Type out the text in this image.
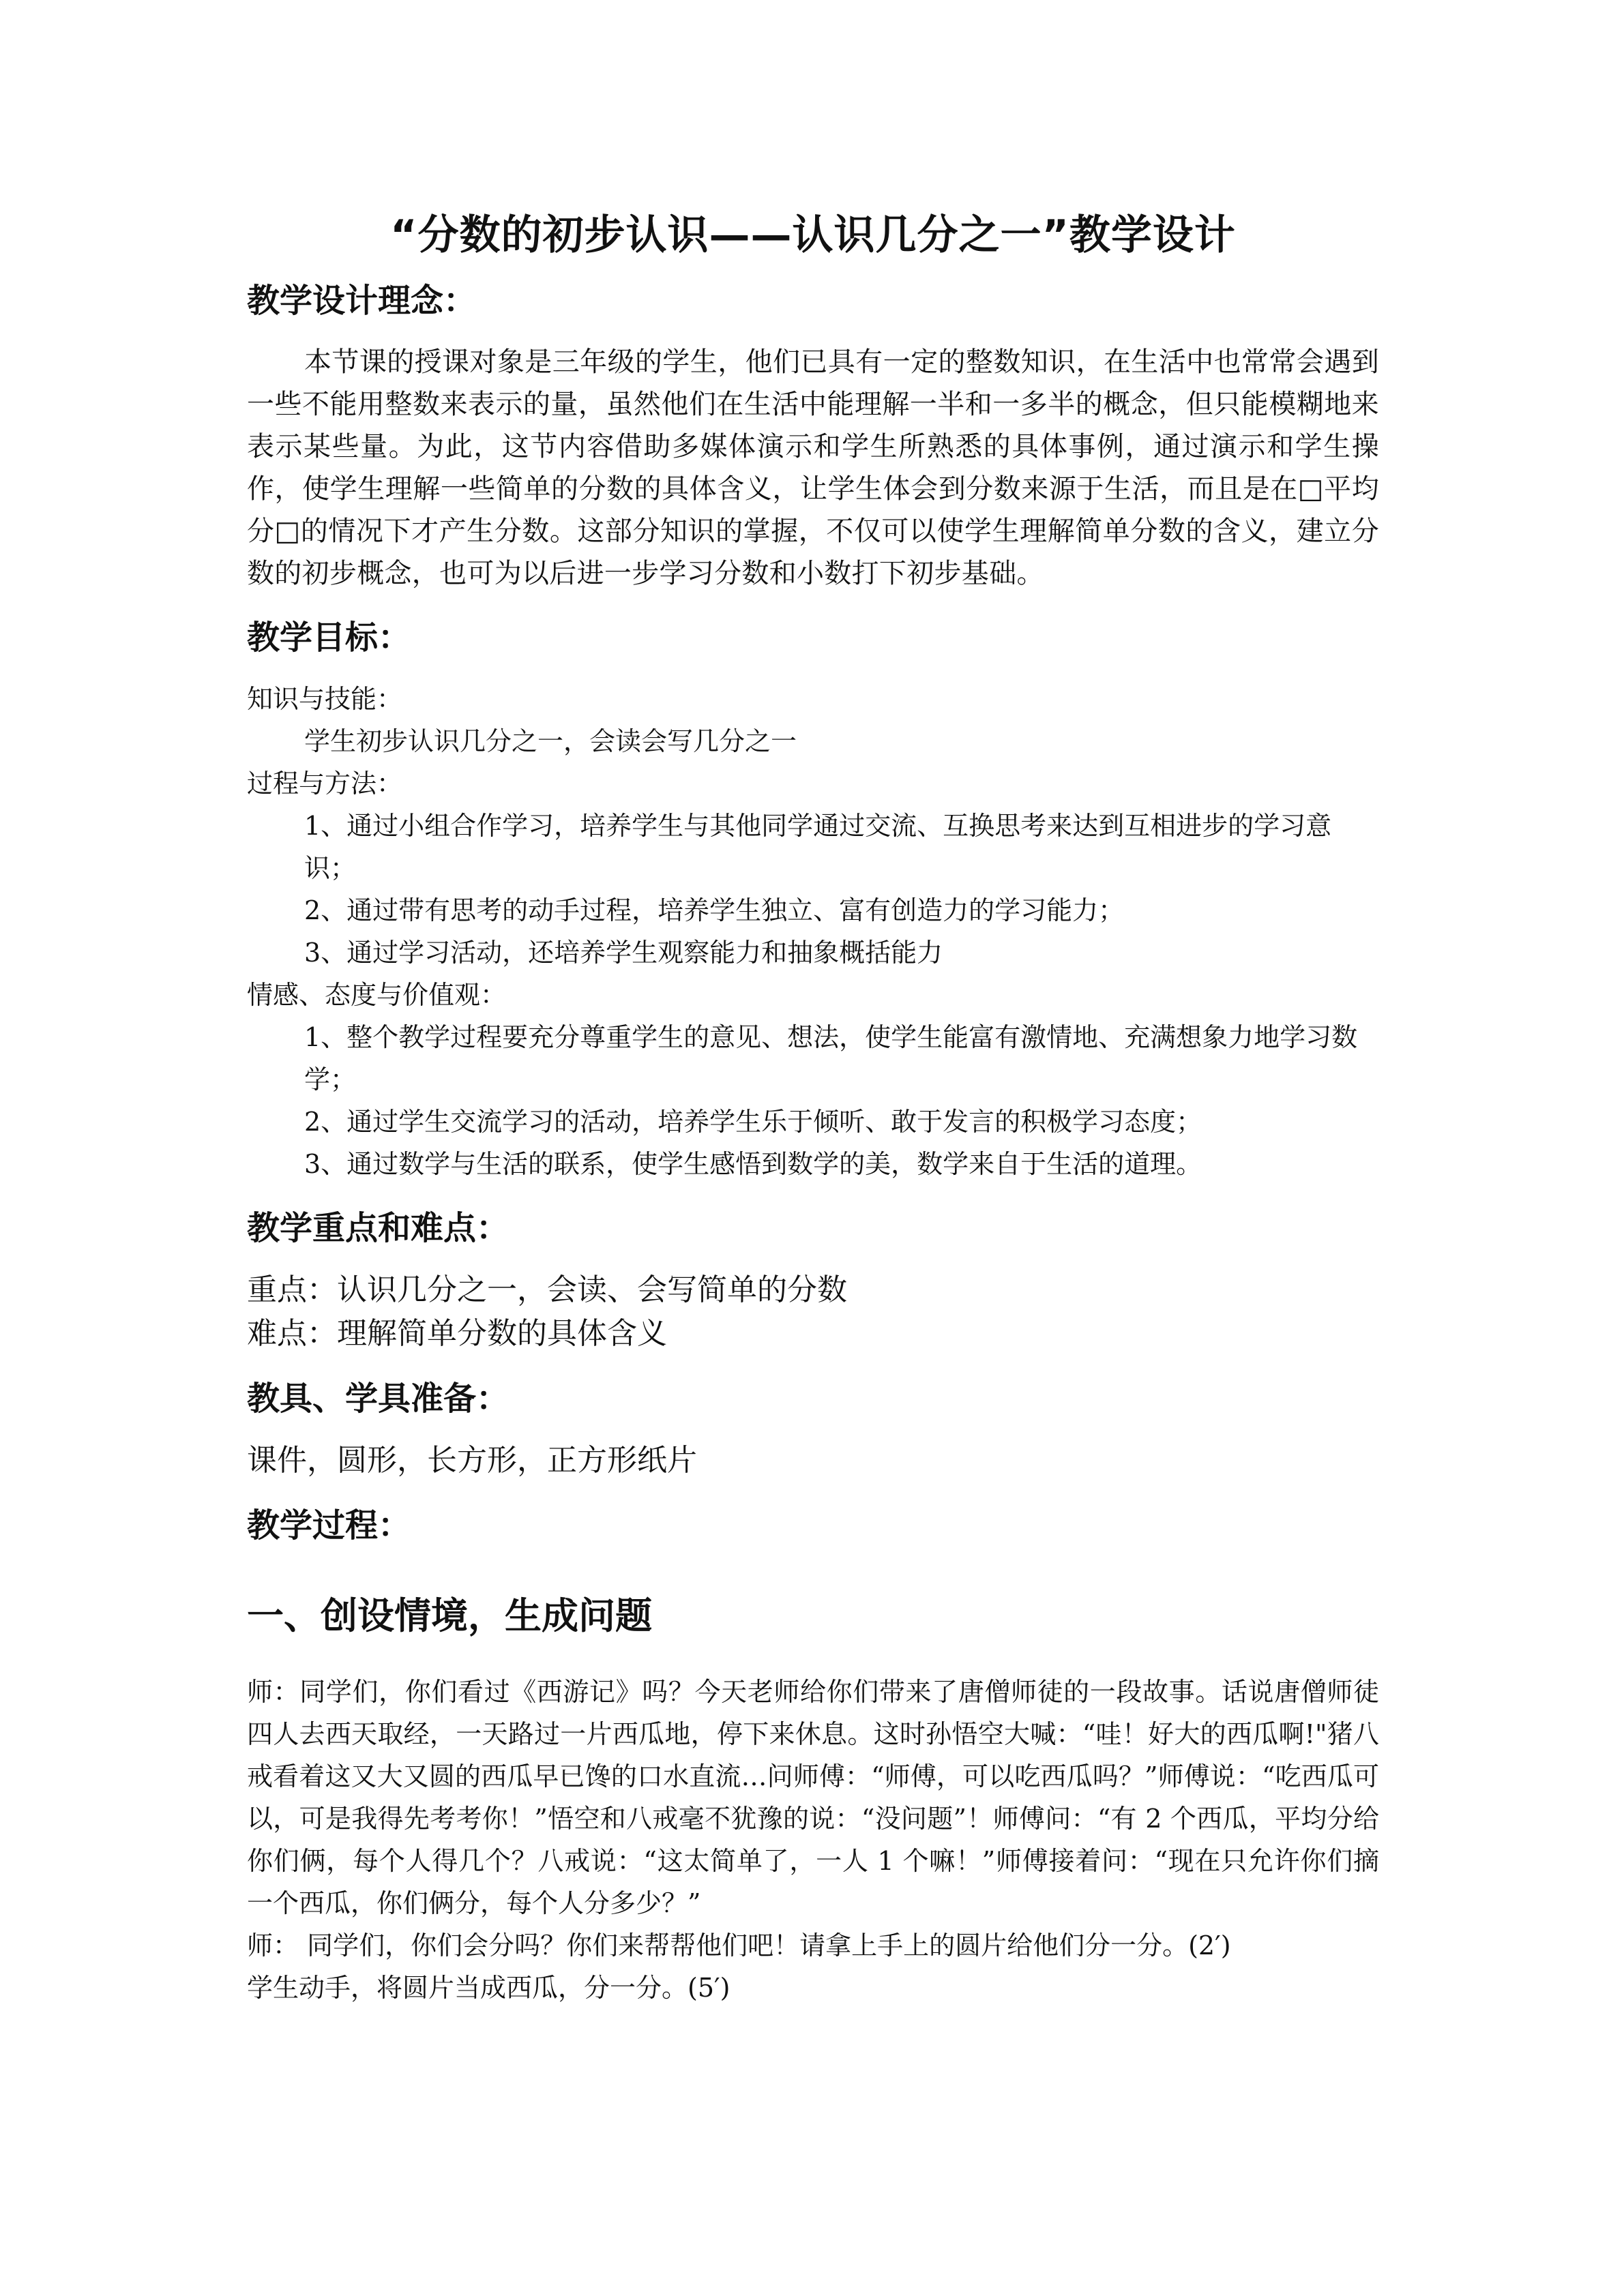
“分数的初步认识——认识几分之一”教学设计
教学设计理念：

本节课的授课对象是三年级的学生，他们已具有一定的整数知识，在生活中也常常会遇到一些不能用整数来表示的量，虽然他们在生活中能理解一半和一多半的概念，但只能模糊地来表示某些量。为此，这节内容借助多媒体演示和学生所熟悉的具体事例，通过演示和学生操作，使学生理解一些简单的分数的具体含义，让学生体会到分数来源于生活，而且是在□平均分□的情况下才产生分数。这部分知识的掌握，不仅可以使学生理解简单分数的含义，建立分数的初步概念，也可为以后进一步学习分数和小数打下初步基础。

教学目标：

知识与技能：

学生初步认识几分之一，会读会写几分之一

过程与方法：

1、通过小组合作学习，培养学生与其他同学通过交流、互换思考来达到互相进步的学习意识；

2、通过带有思考的动手过程，培养学生独立、富有创造力的学习能力；

3、通过学习活动，还培养学生观察能力和抽象概括能力

情感、态度与价值观：

1、整个教学过程要充分尊重学生的意见、想法，使学生能富有激情地、充满想象力地学习数学；

2、通过学生交流学习的活动，培养学生乐于倾听、敢于发言的积极学习态度；

3、通过数学与生活的联系，使学生感悟到数学的美，数学来自于生活的道理。

教学重点和难点：

重点：认识几分之一，会读、会写简单的分数

难点：理解简单分数的具体含义

教具、学具准备：

课件，圆形，长方形，正方形纸片

教学过程：
一、创设情境，生成问题

师：同学们，你们看过《西游记》吗？今天老师给你们带来了唐僧师徒的一段故事。话说唐僧师徒四人去西天取经，一天路过一片西瓜地，停下来休息。这时孙悟空大喊：“哇！好大的西瓜啊!"猪八戒看着这又大又圆的西瓜早已馋的口水直流…问师傅：“师傅，可以吃西瓜吗？”师傅说：“吃西瓜可以，可是我得先考考你！”悟空和八戒毫不犹豫的说：“没问题”！师傅问：“有 2 个西瓜，平均分给你们俩，每个人得几个？八戒说：“这太简单了，一人 1 个嘛！”师傅接着问：“现在只允许你们摘一个西瓜，你们俩分，每个人分多少？”

师： 同学们，你们会分吗？你们来帮帮他们吧！请拿上手上的圆片给他们分一分。(2′)

学生动手，将圆片当成西瓜，分一分。(5′)
